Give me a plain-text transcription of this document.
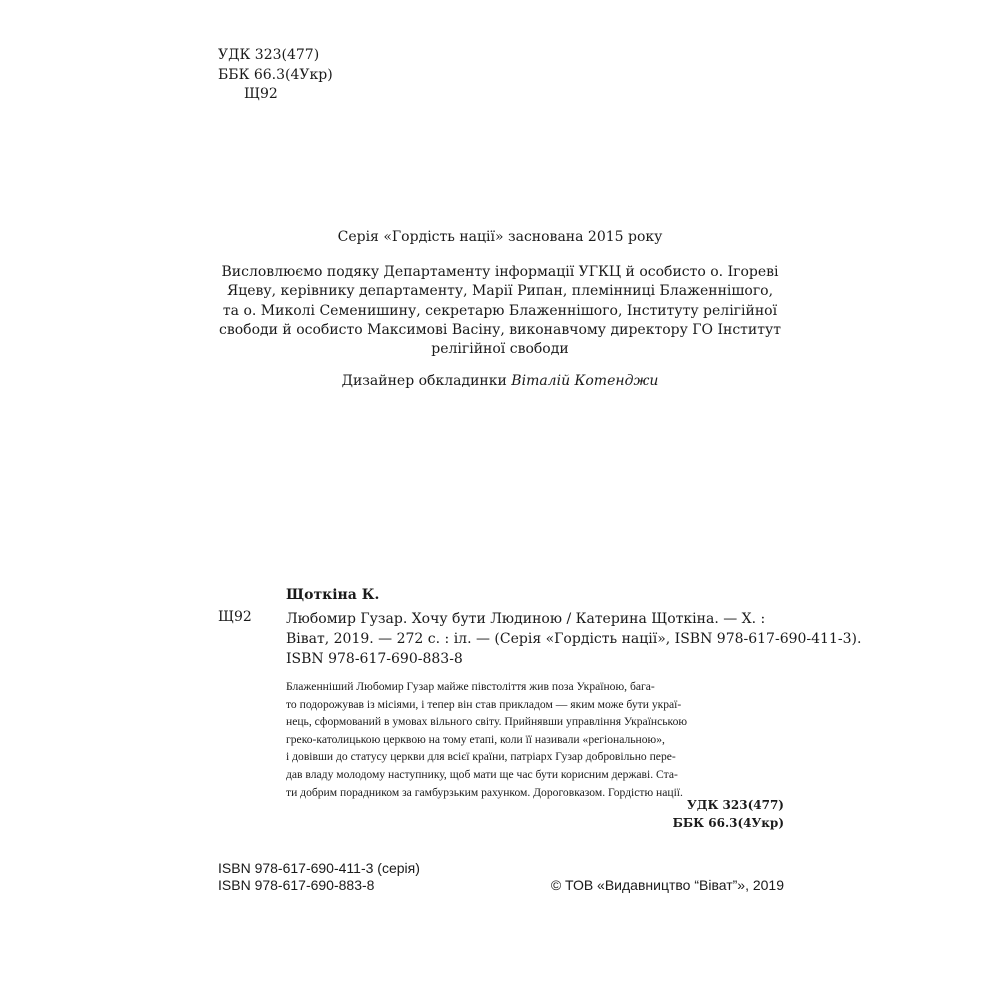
УДК 323(477)
ББК 66.3(4Укр)
Щ92
Серія «Гордість нації» заснована 2015 року
Висловлюємо подяку Департаменту інформації УГКЦ й особисто о. Ігореві
Яцеву, керівнику департаменту, Марії Рипан, племінниці Блаженнішого,
та о. Миколі Семенишину, секретарю Блаженнішого, Інституту релігійної
свободи й особисто Максимові Васіну, виконавчому директору ГО Інститут
релігійної свободи
Дизайнер обкладинки Віталій Котенджи
Щоткіна К.
Щ92 Любомир Гузар. Хочу бути Людиною / Катерина Щоткіна. — Х. :
Віват, 2019. — 272 с. : іл. — (Серія «Гордість нації», ISBN 978-617-690-411-3).
ISBN 978-617-690-883-8
Блаженніший Любомир Гузар майже півстоліття жив поза Україною, бага-
то подорожував із місіями, і тепер він став прикладом — яким може бути украї-
нець, сформований в умовах вільного світу. Прийнявши управління Українською
греко-католицькою церквою на тому етапі, коли її називали «регіональною»,
і довівши до статусу церкви для всієї країни, патріарх Гузар добровільно пере-
дав владу молодому наступнику, щоб мати ще час бути корисним державі. Ста-
ти добрим порадником за гамбурзьким рахунком. Дороговказом. Гордістю нації.
УДК 323(477)
ББК 66.3(4Укр)
ISBN 978-617-690-411-3 (серія)
ISBN 978-617-690-883-8	© ТОВ «Видавництво “Віват”», 2019
